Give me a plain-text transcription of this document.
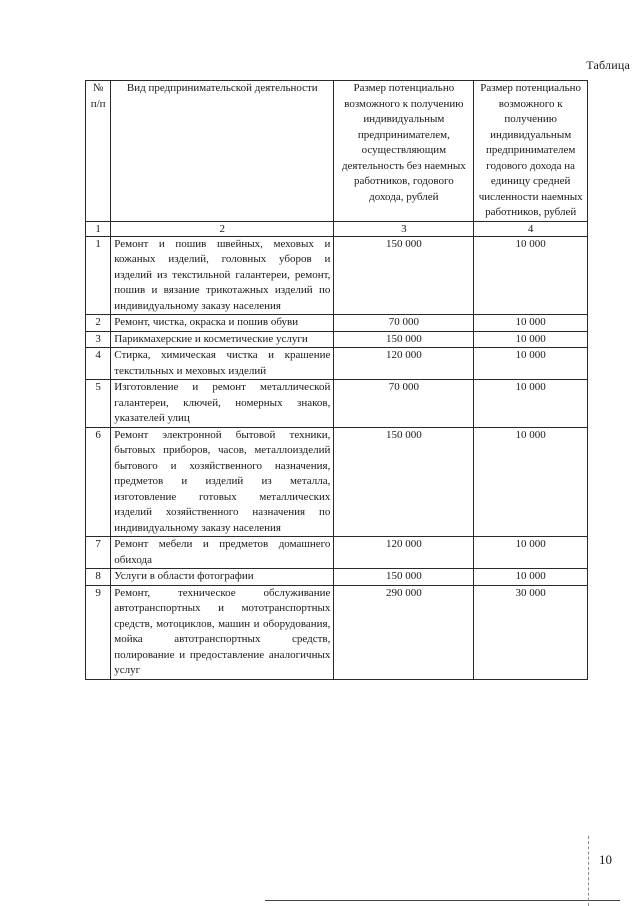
Таблица
№ п/п	Вид предпринимательской деятельности	Размер потенциально возможного к получению индивидуальным предпринимателем, осуществляющим деятельность без наемных работников, годового дохода, рублей	Размер потенциально возможного к получению индивидуальным предпринимателем годового дохода на единицу средней численности наемных работников, рублей
1	2	3	4
1	Ремонт и пошив швейных, меховых и кожаных изделий, головных уборов и изделий из текстильной галантереи, ремонт, пошив и вязание трикотажных изделий по индивидуальному заказу населения	150 000	10 000
2	Ремонт, чистка, окраска и пошив обуви	70 000	10 000
3	Парикмахерские и косметические услуги	150 000	10 000
4	Стирка, химическая чистка и крашение текстильных и меховых изделий	120 000	10 000
5	Изготовление и ремонт металлической галантереи, ключей, номерных знаков, указателей улиц	70 000	10 000
6	Ремонт электронной бытовой техники, бытовых приборов, часов, металлоизделий бытового и хозяйственного назначения, предметов и изделий из металла, изготовление готовых металлических изделий хозяйственного назначения по индивидуальному заказу населения	150 000	10 000
7	Ремонт мебели и предметов домашнего обихода	120 000	10 000
8	Услуги в области фотографии	150 000	10 000
9	Ремонт, техническое обслуживание автотранспортных и мототранспортных средств, мотоциклов, машин и оборудования, мойка автотранспортных средств, полирование и предоставление аналогичных услуг	290 000	30 000
10
